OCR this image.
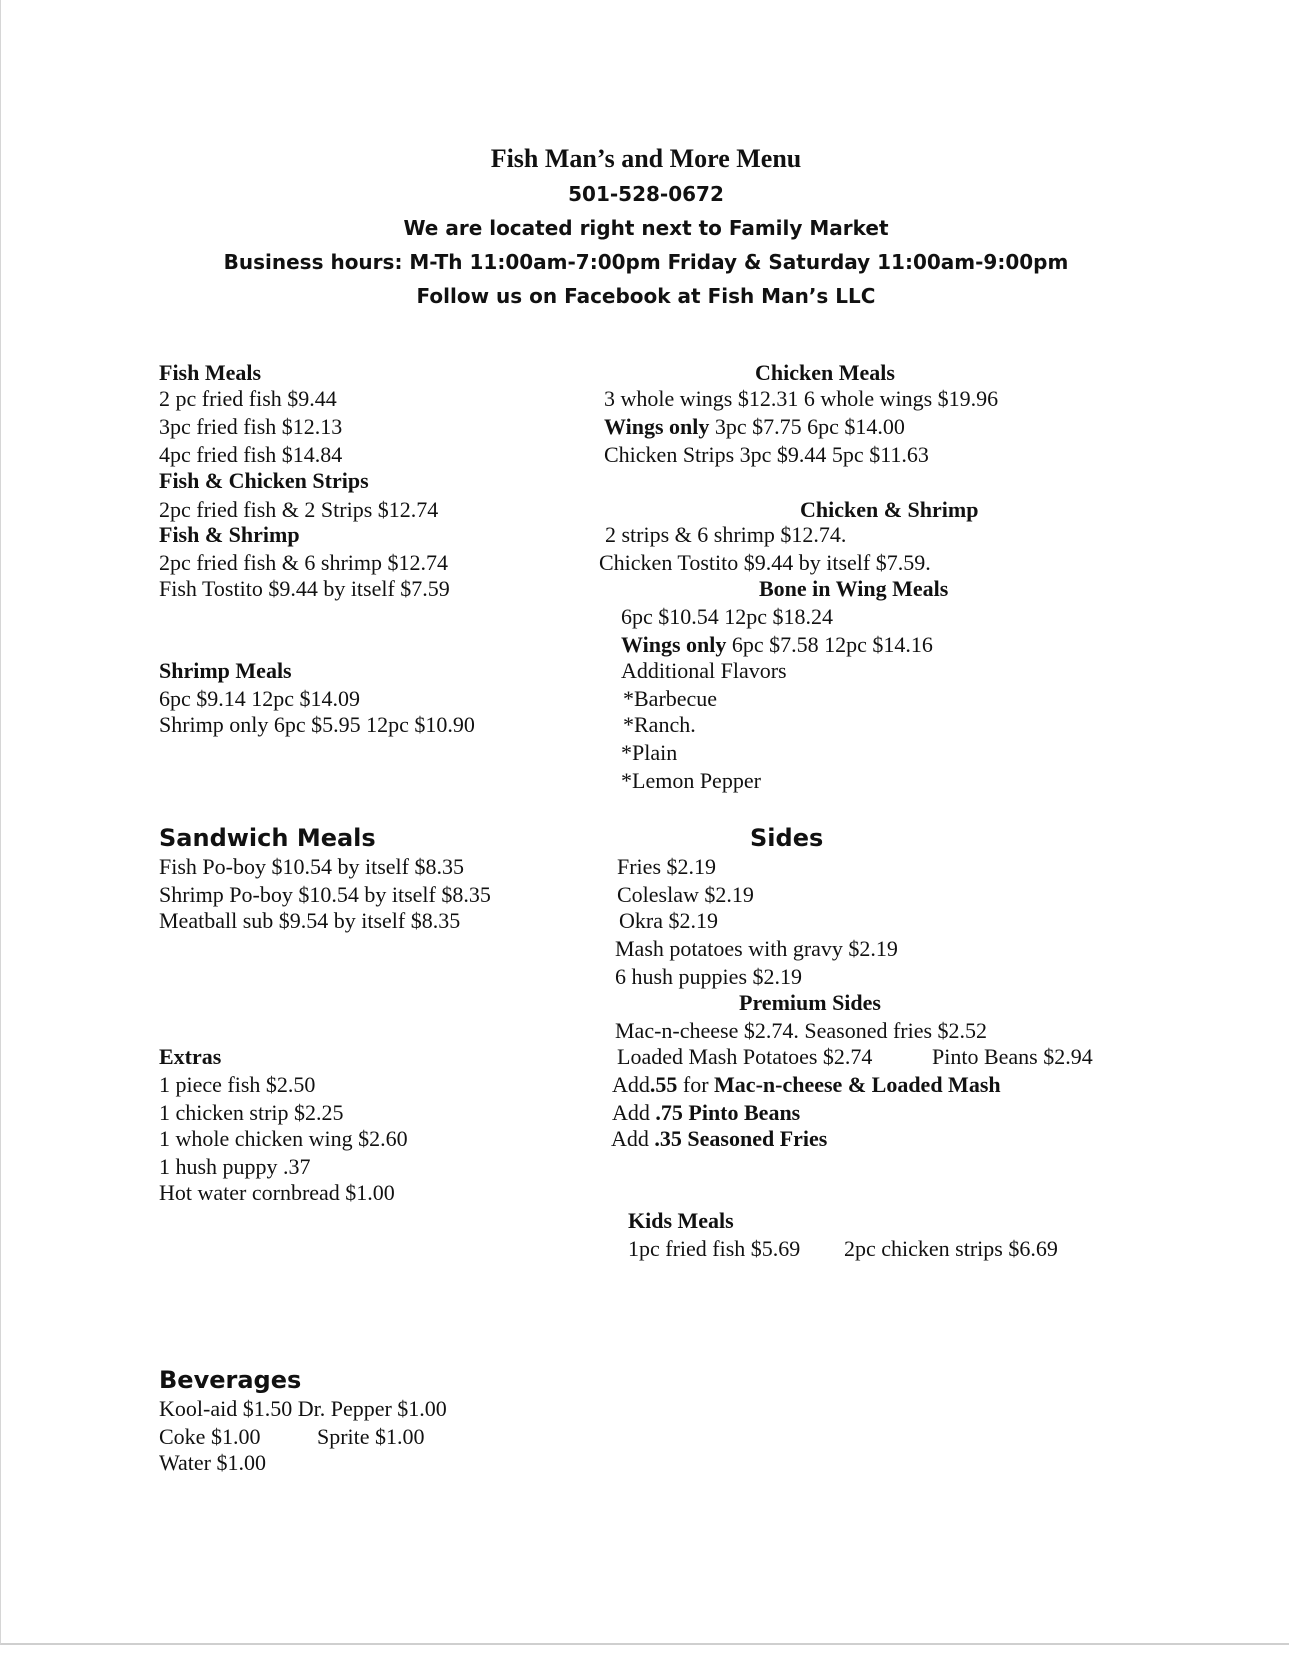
Fish Man’s and More Menu
501-528-0672
We are located right next to Family Market
Business hours: M-Th 11:00am-7:00pm Friday & Saturday 11:00am-9:00pm
Follow us on Facebook at Fish Man’s LLC
Fish Meals
2 pc fried fish $9.44
3pc fried fish $12.13
4pc fried fish $14.84
Fish & Chicken Strips
2pc fried fish & 2 Strips $12.74
Fish & Shrimp
2pc fried fish & 6 shrimp $12.74
Fish Tostito $9.44 by itself $7.59
Shrimp Meals
6pc $9.14 12pc $14.09
Shrimp only 6pc $5.95 12pc $10.90
Sandwich Meals
Fish Po-boy $10.54 by itself $8.35
Shrimp Po-boy $10.54 by itself $8.35
Meatball sub $9.54 by itself $8.35
Extras
1 piece fish $2.50
1 chicken strip $2.25
1 whole chicken wing $2.60
1 hush puppy .37
Hot water cornbread $1.00
Beverages
Kool-aid $1.50 Dr. Pepper $1.00
Coke $1.00	Sprite $1.00
Water $1.00
Chicken Meals
3 whole wings $12.31 6 whole wings $19.96
Wings only 3pc $7.75 6pc $14.00
Chicken Strips 3pc $9.44 5pc $11.63
Chicken & Shrimp
2 strips & 6 shrimp $12.74.
Chicken Tostito $9.44 by itself $7.59.
Bone in Wing Meals
6pc $10.54 12pc $18.24
Wings only 6pc $7.58 12pc $14.16
Additional Flavors
*Barbecue
*Ranch.
*Plain
*Lemon Pepper
Sides
Fries $2.19
Coleslaw $2.19
Okra $2.19
Mash potatoes with gravy $2.19
6 hush puppies $2.19
Premium Sides
Mac-n-cheese $2.74. Seasoned fries $2.52
Loaded Mash Potatoes $2.74	Pinto Beans $2.94
Add.55 for Mac-n-cheese & Loaded Mash
Add .75 Pinto Beans
Add .35 Seasoned Fries
Kids Meals
1pc fried fish $5.69 2pc chicken strips $6.69
